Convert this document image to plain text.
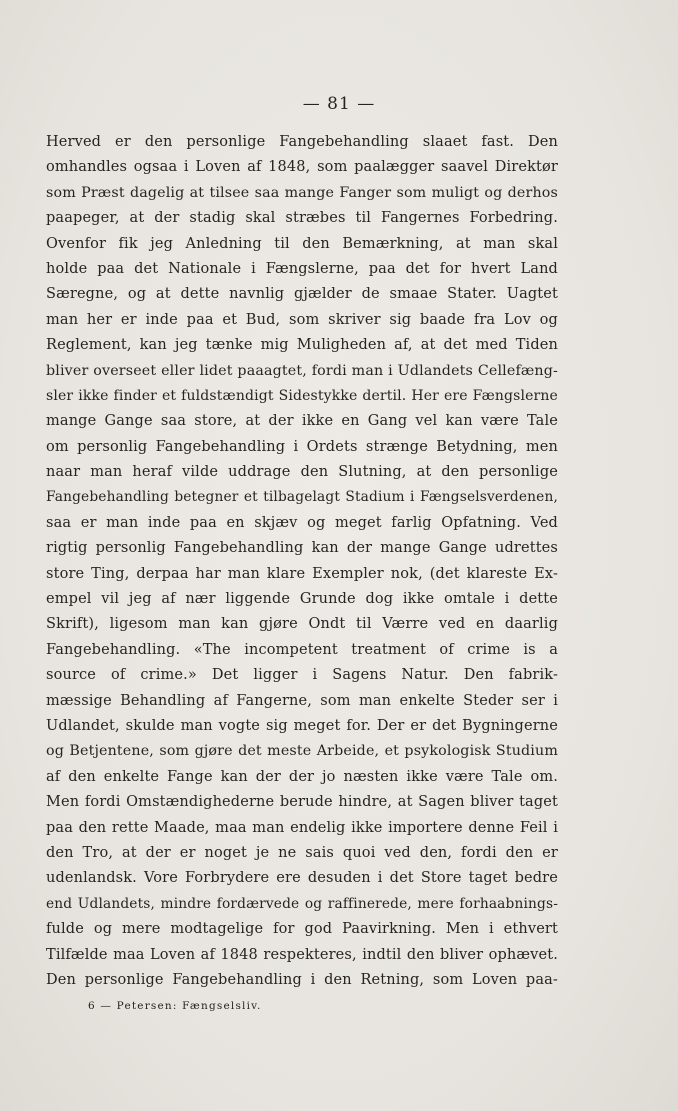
— 81 —
Herved er den personlige Fangebehandling slaaet fast. Den
omhandles ogsaa i Loven af 1848, som paalægger saavel Direktør
som Præst dagelig at tilsee saa mange Fanger som muligt og derhos
paapeger, at der stadig skal stræbes til Fangernes Forbedring.
Ovenfor fik jeg Anledning til den Bemærkning, at man skal
holde paa det Nationale i Fængslerne, paa det for hvert Land
Særegne, og at dette navnlig gjælder de smaae Stater. Uagtet
man her er inde paa et Bud, som skriver sig baade fra Lov og
Reglement, kan jeg tænke mig Muligheden af, at det med Tiden
bliver overseet eller lidet paaagtet, fordi man i Udlandets Cellefæng-
sler ikke finder et fuldstændigt Sidestykke dertil. Her ere Fængslerne
mange Gange saa store, at der ikke en Gang vel kan være Tale
om personlig Fangebehandling i Ordets strænge Betydning, men
naar man heraf vilde uddrage den Slutning, at den personlige
Fangebehandling betegner et tilbagelagt Stadium i Fængselsverdenen,
saa er man inde paa en skjæv og meget farlig Opfatning. Ved
rigtig personlig Fangebehandling kan der mange Gange udrettes
store Ting, derpaa har man klare Exempler nok, (det klareste Ex-
empel vil jeg af nær liggende Grunde dog ikke omtale i dette
Skrift), ligesom man kan gjøre Ondt til Værre ved en daarlig
Fangebehandling. «The incompetent treatment of crime is a
source of crime.» Det ligger i Sagens Natur. Den fabrik-
mæssige Behandling af Fangerne, som man enkelte Steder ser i
Udlandet, skulde man vogte sig meget for. Der er det Bygningerne
og Betjentene, som gjøre det meste Arbeide, et psykologisk Studium
af den enkelte Fange kan der der jo næsten ikke være Tale om.
Men fordi Omstændighederne berude hindre, at Sagen bliver taget
paa den rette Maade, maa man endelig ikke importere denne Feil i
den Tro, at der er noget je ne sais quoi ved den, fordi den er
udenlandsk. Vore Forbrydere ere desuden i det Store taget bedre
end Udlandets, mindre fordærvede og raffinerede, mere forhaabnings-
fulde og mere modtagelige for god Paavirkning. Men i ethvert
Tilfælde maa Loven af 1848 respekteres, indtil den bliver ophævet.
Den personlige Fangebehandling i den Retning, som Loven paa-
6 — Petersen: Fængselsliv.
